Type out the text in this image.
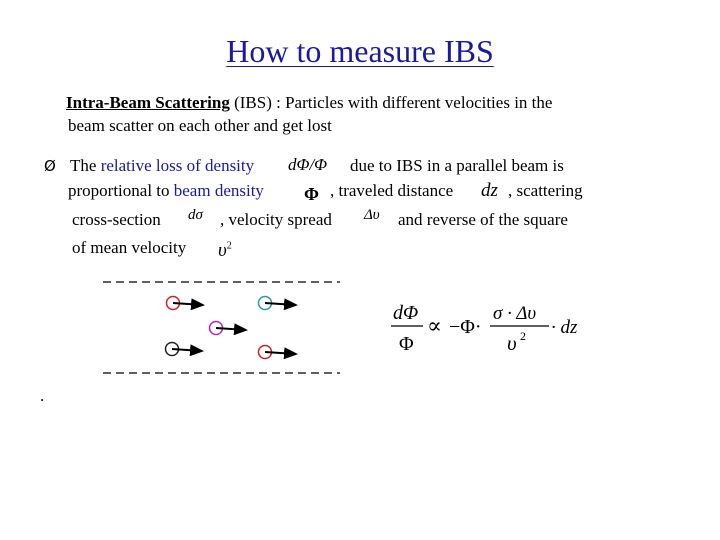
How to measure IBS
Intra-Beam Scattering (IBS) : Particles with different velocities in the
beam scatter on each other and get lost
Ø The relative loss of density dΦ/Φ due to IBS in a parallel beam is
proportional to beam density Φ , traveled distance dz , scattering
cross-section dσ , velocity spread Δυ and reverse of the square
of mean velocity $\upsilon^2$
dΦ
Φ
∝ −Φ·
σ · Δυ
υ 2 · dz
.
